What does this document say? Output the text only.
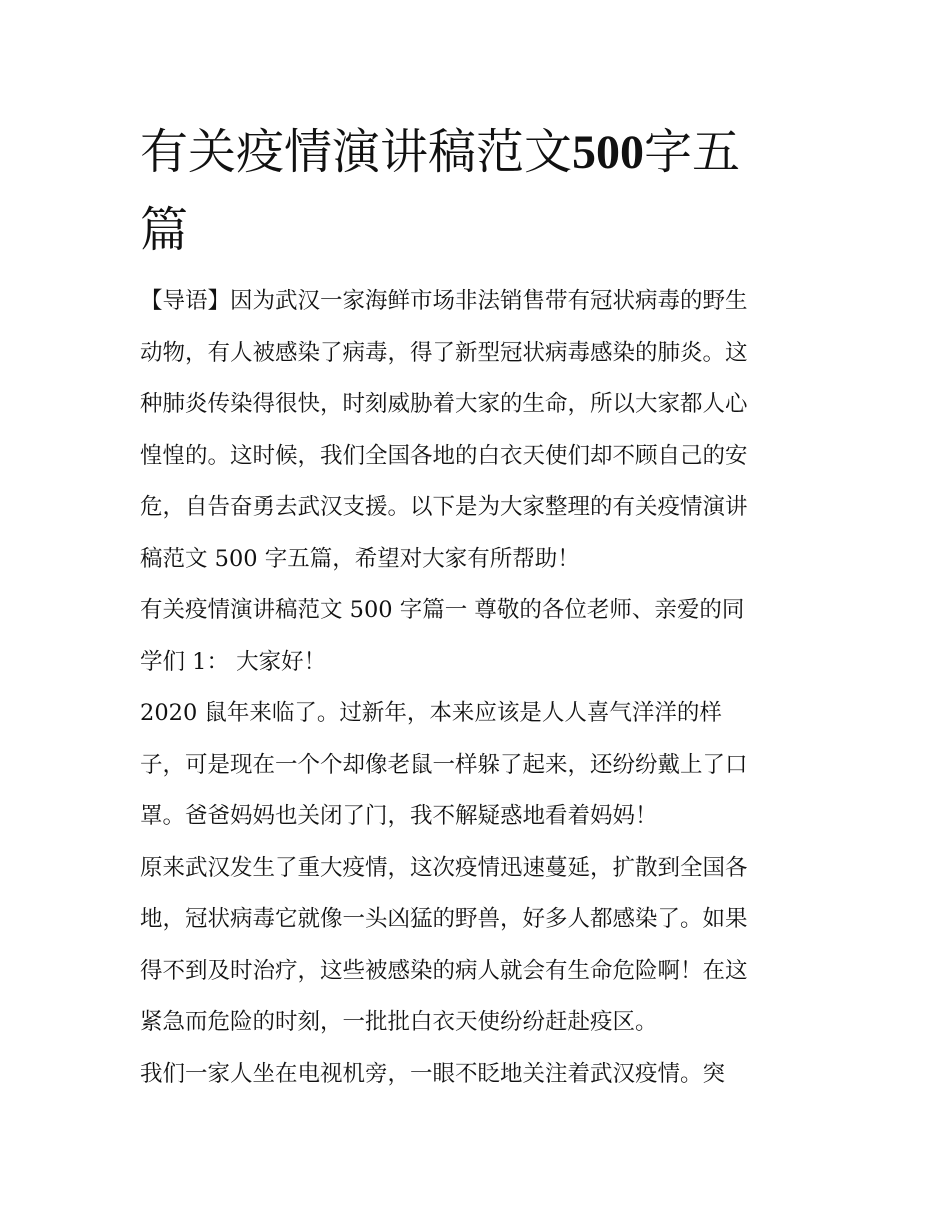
有关疫情演讲稿范文500字五
篇
【导语】因为武汉一家海鲜市场非法销售带有冠状病毒的野生
动物，有人被感染了病毒，得了新型冠状病毒感染的肺炎。这
种肺炎传染得很快，时刻威胁着大家的生命，所以大家都人心
惶惶的。这时候，我们全国各地的白衣天使们却不顾自己的安
危，自告奋勇去武汉支援。以下是为大家整理的有关疫情演讲
稿范文 500 字五篇，希望对大家有所帮助！
有关疫情演讲稿范文 500 字篇一 尊敬的各位老师、亲爱的同
学们 1： 大家好！
2020 鼠年来临了。过新年，本来应该是人人喜气洋洋的样
子，可是现在一个个却像老鼠一样躲了起来，还纷纷戴上了口
罩。爸爸妈妈也关闭了门，我不解疑惑地看着妈妈！
原来武汉发生了重大疫情，这次疫情迅速蔓延，扩散到全国各
地，冠状病毒它就像一头凶猛的野兽，好多人都感染了。如果
得不到及时治疗，这些被感染的病人就会有生命危险啊！在这
紧急而危险的时刻，一批批白衣天使纷纷赶赴疫区。
我们一家人坐在电视机旁，一眼不眨地关注着武汉疫情。突
